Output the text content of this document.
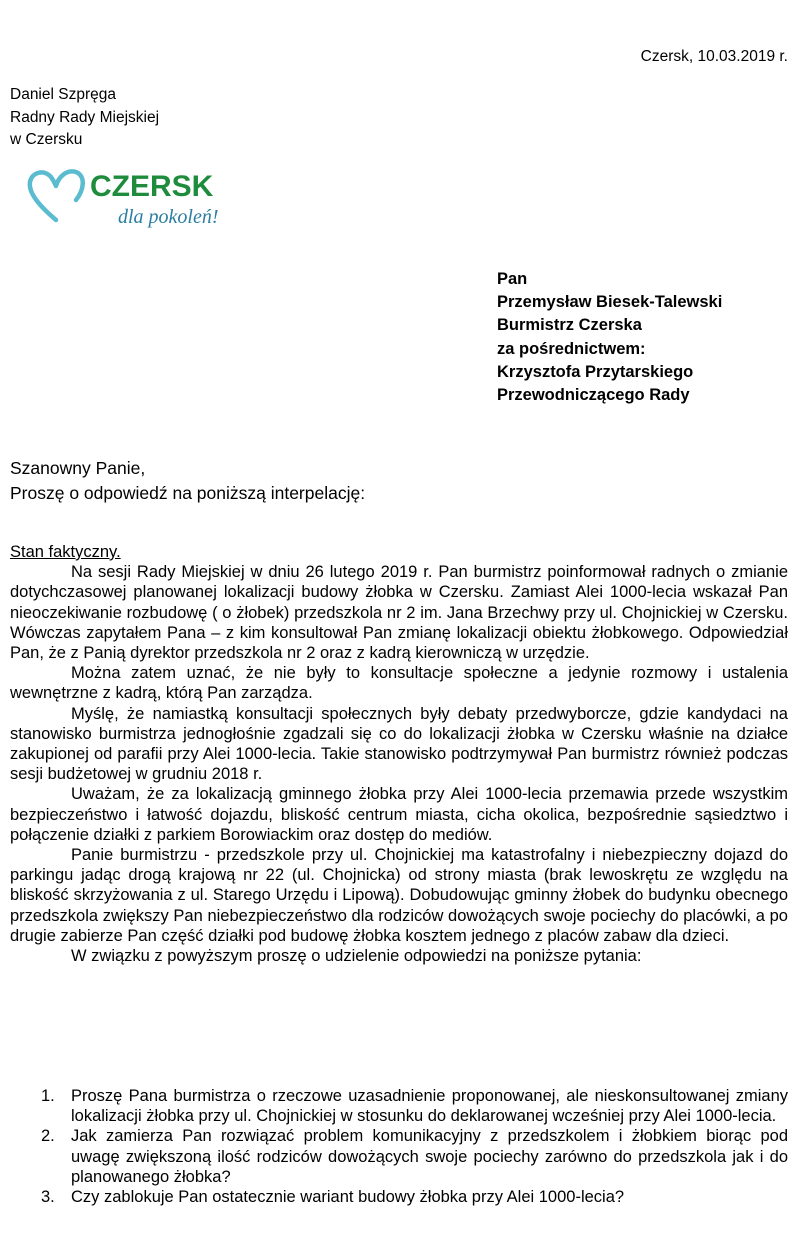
Czersk, 10.03.2019 r.
Daniel Szpręga
Radny Rady Miejskiej
w Czersku
CZERSK
dla pokoleń!
Pan
Przemysław Biesek-Talewski
Burmistrz Czerska
za pośrednictwem:
Krzysztofa Przytarskiego
Przewodniczącego Rady
Szanowny Panie,
Proszę o odpowiedź na poniższą interpelację:

Stan faktyczny.

Na sesji Rady Miejskiej w dniu 26 lutego 2019 r. Pan burmistrz poinformował radnych o zmianie dotychczasowej planowanej lokalizacji budowy żłobka w Czersku. Zamiast Alei 1000-lecia wskazał Pan nieoczekiwanie rozbudowę ( o żłobek) przedszkola nr 2 im. Jana Brzechwy przy ul. Chojnickiej w Czersku. Wówczas zapytałem Pana – z kim konsultował Pan zmianę lokalizacji obiektu żłobkowego. Odpowiedział Pan, że z Panią dyrektor przedszkola nr 2 oraz z kadrą kierowniczą w urzędzie.

Można zatem uznać, że nie były to konsultacje społeczne a jedynie rozmowy i ustalenia wewnętrzne z kadrą, którą Pan zarządza.

Myślę, że namiastką konsultacji społecznych były debaty przedwyborcze, gdzie kandydaci na stanowisko burmistrza jednogłośnie zgadzali się co do lokalizacji żłobka w Czersku właśnie na działce zakupionej od parafii przy Alei 1000-lecia. Takie stanowisko podtrzymywał Pan burmistrz również podczas sesji budżetowej w grudniu 2018 r.

Uważam, że za lokalizacją gminnego żłobka przy Alei 1000-lecia przemawia przede wszystkim bezpieczeństwo i łatwość dojazdu, bliskość centrum miasta, cicha okolica, bezpośrednie sąsiedztwo i połączenie działki z parkiem Borowiackim oraz dostęp do mediów.

Panie burmistrzu - przedszkole przy ul. Chojnickiej ma katastrofalny i niebezpieczny dojazd do parkingu jadąc drogą krajową nr 22 (ul. Chojnicka) od strony miasta (brak lewoskrętu ze względu na bliskość skrzyżowania z ul. Starego Urzędu i Lipową). Dobudowując gminny żłobek do budynku obecnego przedszkola zwiększy Pan niebezpieczeństwo dla rodziców dowożących swoje pociechy do placówki, a po drugie zabierze Pan część działki pod budowę żłobka kosztem jednego z placów zabaw dla dzieci.

W związku z powyższym proszę o udzielenie odpowiedzi na poniższe pytania:

1. Proszę Pana burmistrza o rzeczowe uzasadnienie proponowanej, ale nieskonsultowanej zmiany lokalizacji żłobka przy ul. Chojnickiej w stosunku do deklarowanej wcześniej przy Alei 1000-lecia.
2. Jak zamierza Pan rozwiązać problem komunikacyjny z przedszkolem i żłobkiem biorąc pod uwagę zwiększoną ilość rodziców dowożących swoje pociechy zarówno do przedszkola jak i do planowanego żłobka?
3. Czy zablokuje Pan ostatecznie wariant budowy żłobka przy Alei 1000-lecia?
